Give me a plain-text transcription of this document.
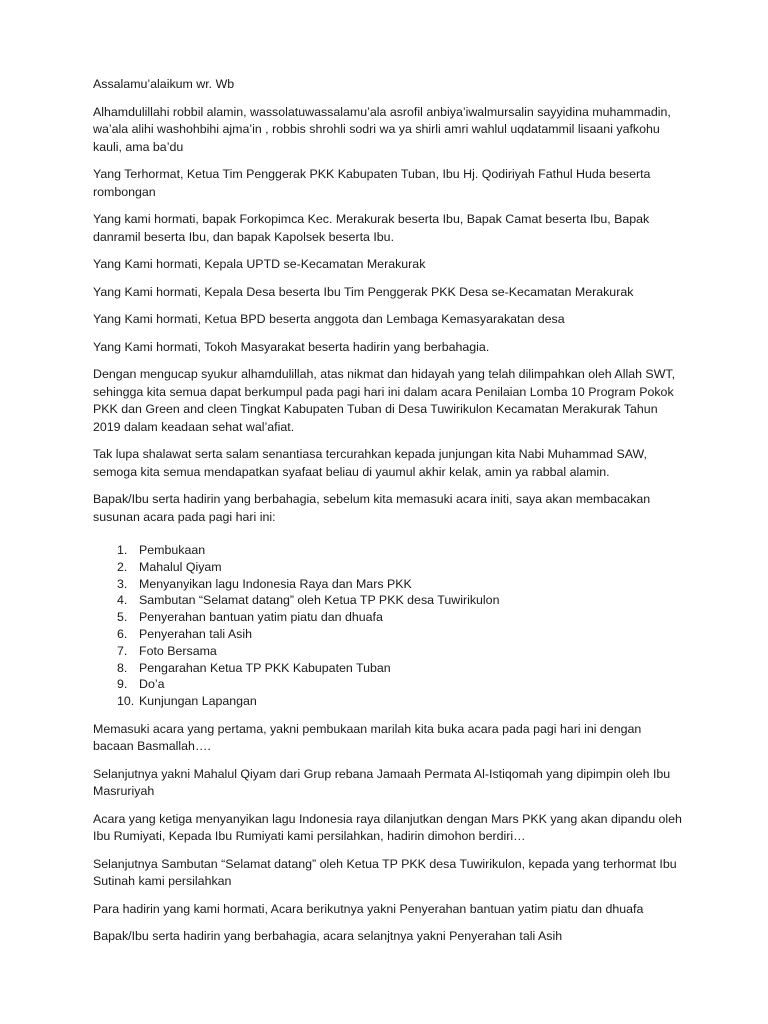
Assalamu’alaikum wr. Wb

Alhamdulillahi robbil alamin, wassolatuwassalamu’ala asrofil anbiya’iwalmursalin sayyidina muhammadin, wa’ala alihi washohbihi ajma’in , robbis shrohli sodri wa ya shirli amri wahlul uqdatammil lisaani yafkohu kauli, ama ba’du

Yang Terhormat, Ketua Tim Penggerak PKK Kabupaten Tuban, Ibu Hj. Qodiriyah Fathul Huda beserta rombongan

Yang kami hormati, bapak Forkopimca Kec. Merakurak beserta Ibu, Bapak Camat beserta Ibu, Bapak danramil beserta Ibu, dan bapak Kapolsek beserta Ibu.

Yang Kami hormati, Kepala UPTD se-Kecamatan Merakurak

Yang Kami hormati, Kepala Desa beserta Ibu Tim Penggerak PKK Desa se-Kecamatan Merakurak

Yang Kami hormati, Ketua BPD beserta anggota dan Lembaga Kemasyarakatan desa

Yang Kami hormati, Tokoh Masyarakat beserta hadirin yang berbahagia.

Dengan mengucap syukur alhamdulillah, atas nikmat dan hidayah yang telah dilimpahkan oleh Allah SWT, sehingga kita semua dapat berkumpul pada pagi hari ini dalam acara Penilaian Lomba 10 Program Pokok PKK dan Green and cleen Tingkat Kabupaten Tuban di Desa Tuwirikulon Kecamatan Merakurak Tahun 2019 dalam keadaan sehat wal’afiat.

Tak lupa shalawat serta salam senantiasa tercurahkan kepada junjungan kita Nabi Muhammad SAW, semoga kita semua mendapatkan syafaat beliau di yaumul akhir kelak, amin ya rabbal alamin.

Bapak/Ibu serta hadirin yang berbahagia, sebelum kita memasuki acara initi, saya akan membacakan susunan acara pada pagi hari ini:

1. Pembukaan
2. Mahalul Qiyam
3. Menyanyikan lagu Indonesia Raya dan Mars PKK
4. Sambutan “Selamat datang” oleh Ketua TP PKK desa Tuwirikulon
5. Penyerahan bantuan yatim piatu dan dhuafa
6. Penyerahan tali Asih
7. Foto Bersama
8. Pengarahan Ketua TP PKK Kabupaten Tuban
9. Do’a
10. Kunjungan Lapangan

Memasuki acara yang pertama, yakni pembukaan marilah kita buka acara pada pagi hari ini dengan bacaan Basmallah….

Selanjutnya yakni Mahalul Qiyam dari Grup rebana Jamaah Permata Al-Istiqomah yang dipimpin oleh Ibu Masruriyah

Acara yang ketiga menyanyikan lagu Indonesia raya dilanjutkan dengan Mars PKK yang akan dipandu oleh Ibu Rumiyati, Kepada Ibu Rumiyati kami persilahkan, hadirin dimohon berdiri…

Selanjutnya Sambutan “Selamat datang” oleh Ketua TP PKK desa Tuwirikulon, kepada yang terhormat Ibu Sutinah kami persilahkan

Para hadirin yang kami hormati, Acara berikutnya yakni Penyerahan bantuan yatim piatu dan dhuafa

Bapak/Ibu serta hadirin yang berbahagia, acara selanjtnya yakni Penyerahan tali Asih
